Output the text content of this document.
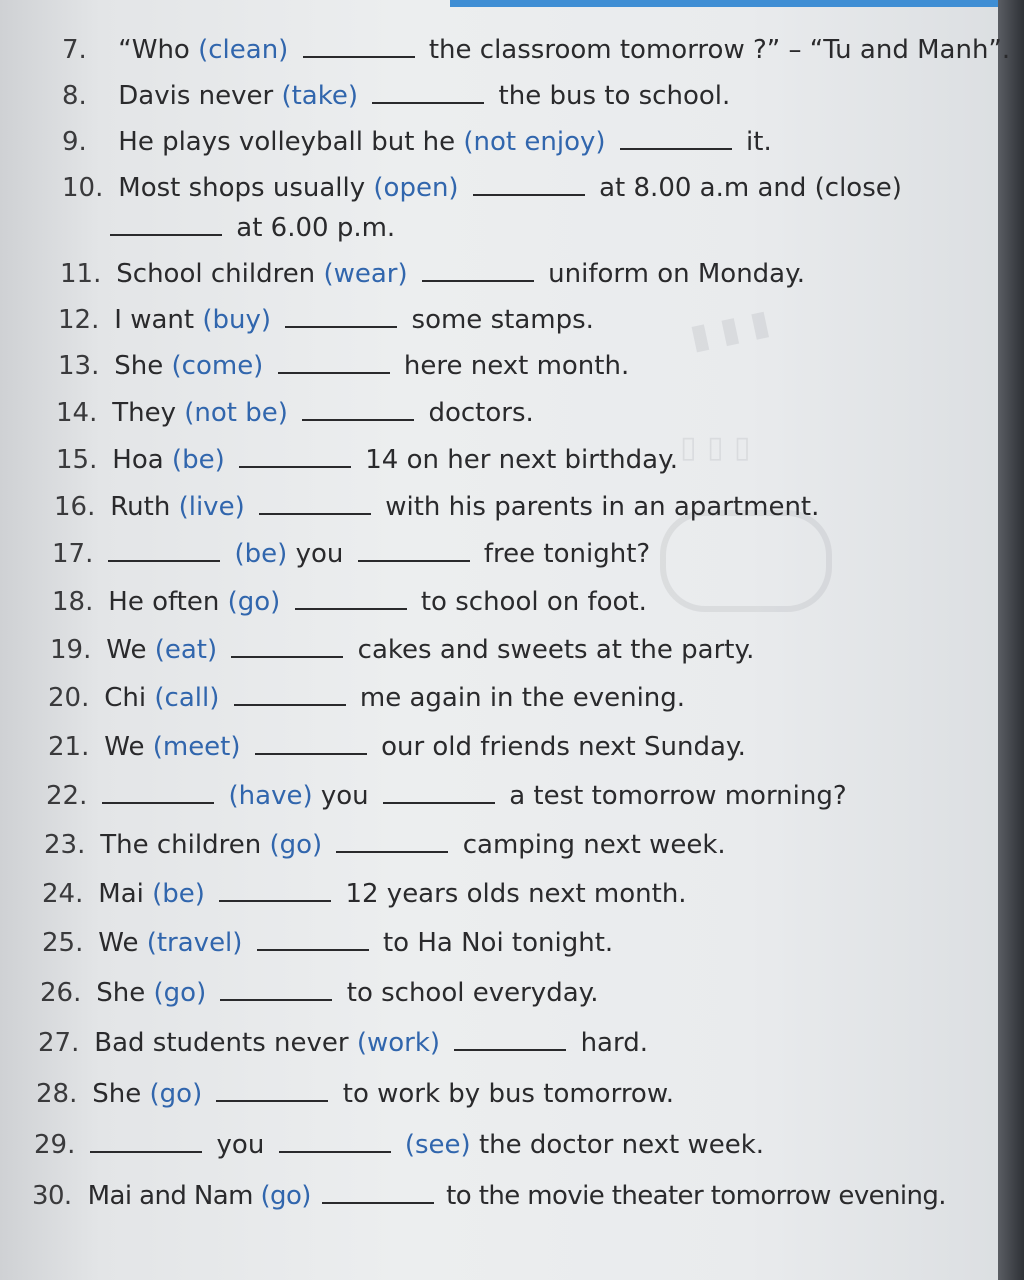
▮ ▮ ▮
▯ ▯ ▯
7. “Who (clean)	the classroom tomorrow ?” – “Tu and Manh”.
8. Davis never (take)	the bus to school.
9. He plays volleyball but he (not enjoy)	it.
10. Most shops usually (open)	at 8.00 a.m and (close)
at 6.00 p.m.
11. School children (wear)	uniform on Monday.
12. I want (buy)	some stamps.
13. She (come)	here next month.
14. They (not be)	doctors.
15. Hoa (be)	14 on her next birthday.
16. Ruth (live)	with his parents in an apartment.
17.	(be) you	free tonight?
18. He often (go)	to school on foot.
19. We (eat)	cakes and sweets at the party.
20. Chi (call)	me again in the evening.
21. We (meet)	our old friends next Sunday.
22.	(have) you	a test tomorrow morning?
23. The children (go)	camping next week.
24. Mai (be)	12 years olds next month.
25. We (travel)	to Ha Noi tonight.
26. She (go)	to school everyday.
27. Bad students never (work)	hard.
28. She (go)	to work by bus tomorrow.
29.	you	(see) the doctor next week.
30. Mai and Nam (go)	to the movie theater tomorrow evening.
